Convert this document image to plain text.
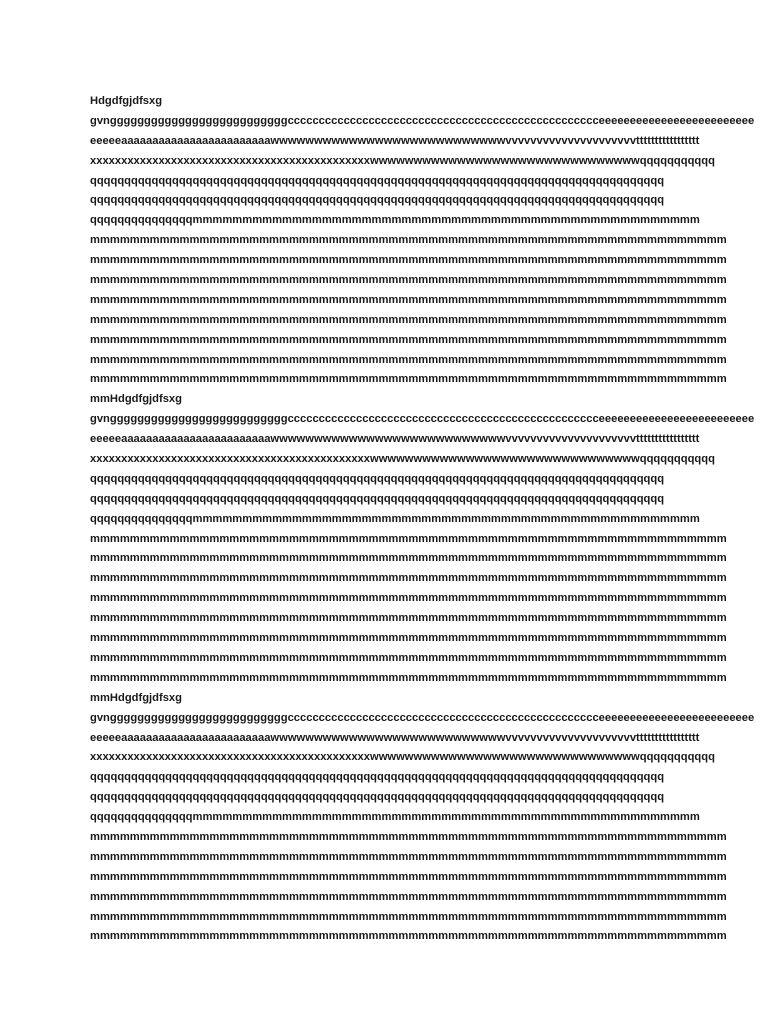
Hdgdfgjdfsxg
gvnggggggggggggggggggggggggggcccccccccccccccccccccccccccccccccccccccccccccccccceeeeeeeeeeeeeeeeeeeeeeeee
eeeeeaaaaaaaaaaaaaaaaaaaaaaaawwwwwwwwwwwwwwwwwwwwwwwwwwwvvvvvvvvvvvvvvvvvvvvvttttttttttttttttt
xxxxxxxxxxxxxxxxxxxxxxxxxxxxxxxxxxxxxxxxxxxxxwwwwwwwwwwwwwwwwwwwwwwwwwwwwwwwqqqqqqqqqqq
qqqqqqqqqqqqqqqqqqqqqqqqqqqqqqqqqqqqqqqqqqqqqqqqqqqqqqqqqqqqqqqqqqqqqqqqqqqqqqqqqqqq
qqqqqqqqqqqqqqqqqqqqqqqqqqqqqqqqqqqqqqqqqqqqqqqqqqqqqqqqqqqqqqqqqqqqqqqqqqqqqqqqqqqq
qqqqqqqqqqqqqqqmmmmmmmmmmmmmmmmmmmmmmmmmmmmmmmmmmmmmmmmmmmmmmmmmmm
mmmmmmmmmmmmmmmmmmmmmmmmmmmmmmmmmmmmmmmmmmmmmmmmmmmmmmmmmmmmmmmm
mmmmmmmmmmmmmmmmmmmmmmmmmmmmmmmmmmmmmmmmmmmmmmmmmmmmmmmmmmmmmmmm
mmmmmmmmmmmmmmmmmmmmmmmmmmmmmmmmmmmmmmmmmmmmmmmmmmmmmmmmmmmmmmmm
mmmmmmmmmmmmmmmmmmmmmmmmmmmmmmmmmmmmmmmmmmmmmmmmmmmmmmmmmmmmmmmm
mmmmmmmmmmmmmmmmmmmmmmmmmmmmmmmmmmmmmmmmmmmmmmmmmmmmmmmmmmmmmmmm
mmmmmmmmmmmmmmmmmmmmmmmmmmmmmmmmmmmmmmmmmmmmmmmmmmmmmmmmmmmmmmmm
mmmmmmmmmmmmmmmmmmmmmmmmmmmmmmmmmmmmmmmmmmmmmmmmmmmmmmmmmmmmmmmm
mmmmmmmmmmmmmmmmmmmmmmmmmmmmmmmmmmmmmmmmmmmmmmmmmmmmmmmmmmmmmmmm
mmHdgdfgjdfsxg
gvnggggggggggggggggggggggggggcccccccccccccccccccccccccccccccccccccccccccccccccceeeeeeeeeeeeeeeeeeeeeeeee
eeeeeaaaaaaaaaaaaaaaaaaaaaaaawwwwwwwwwwwwwwwwwwwwwwwwwwwvvvvvvvvvvvvvvvvvvvvvttttttttttttttttt
xxxxxxxxxxxxxxxxxxxxxxxxxxxxxxxxxxxxxxxxxxxxxwwwwwwwwwwwwwwwwwwwwwwwwwwwwwwwqqqqqqqqqqq
qqqqqqqqqqqqqqqqqqqqqqqqqqqqqqqqqqqqqqqqqqqqqqqqqqqqqqqqqqqqqqqqqqqqqqqqqqqqqqqqqqqq
qqqqqqqqqqqqqqqqqqqqqqqqqqqqqqqqqqqqqqqqqqqqqqqqqqqqqqqqqqqqqqqqqqqqqqqqqqqqqqqqqqqq
qqqqqqqqqqqqqqqmmmmmmmmmmmmmmmmmmmmmmmmmmmmmmmmmmmmmmmmmmmmmmmmmmm
mmmmmmmmmmmmmmmmmmmmmmmmmmmmmmmmmmmmmmmmmmmmmmmmmmmmmmmmmmmmmmmm
mmmmmmmmmmmmmmmmmmmmmmmmmmmmmmmmmmmmmmmmmmmmmmmmmmmmmmmmmmmmmmmm
mmmmmmmmmmmmmmmmmmmmmmmmmmmmmmmmmmmmmmmmmmmmmmmmmmmmmmmmmmmmmmmm
mmmmmmmmmmmmmmmmmmmmmmmmmmmmmmmmmmmmmmmmmmmmmmmmmmmmmmmmmmmmmmmm
mmmmmmmmmmmmmmmmmmmmmmmmmmmmmmmmmmmmmmmmmmmmmmmmmmmmmmmmmmmmmmmm
mmmmmmmmmmmmmmmmmmmmmmmmmmmmmmmmmmmmmmmmmmmmmmmmmmmmmmmmmmmmmmmm
mmmmmmmmmmmmmmmmmmmmmmmmmmmmmmmmmmmmmmmmmmmmmmmmmmmmmmmmmmmmmmmm
mmmmmmmmmmmmmmmmmmmmmmmmmmmmmmmmmmmmmmmmmmmmmmmmmmmmmmmmmmmmmmmm
mmHdgdfgjdfsxg
gvnggggggggggggggggggggggggggcccccccccccccccccccccccccccccccccccccccccccccccccceeeeeeeeeeeeeeeeeeeeeeeee
eeeeeaaaaaaaaaaaaaaaaaaaaaaaawwwwwwwwwwwwwwwwwwwwwwwwwwwvvvvvvvvvvvvvvvvvvvvvttttttttttttttttt
xxxxxxxxxxxxxxxxxxxxxxxxxxxxxxxxxxxxxxxxxxxxxwwwwwwwwwwwwwwwwwwwwwwwwwwwwwwwqqqqqqqqqqq
qqqqqqqqqqqqqqqqqqqqqqqqqqqqqqqqqqqqqqqqqqqqqqqqqqqqqqqqqqqqqqqqqqqqqqqqqqqqqqqqqqqq
qqqqqqqqqqqqqqqqqqqqqqqqqqqqqqqqqqqqqqqqqqqqqqqqqqqqqqqqqqqqqqqqqqqqqqqqqqqqqqqqqqqq
qqqqqqqqqqqqqqqmmmmmmmmmmmmmmmmmmmmmmmmmmmmmmmmmmmmmmmmmmmmmmmmmmm
mmmmmmmmmmmmmmmmmmmmmmmmmmmmmmmmmmmmmmmmmmmmmmmmmmmmmmmmmmmmmmmm
mmmmmmmmmmmmmmmmmmmmmmmmmmmmmmmmmmmmmmmmmmmmmmmmmmmmmmmmmmmmmmmm
mmmmmmmmmmmmmmmmmmmmmmmmmmmmmmmmmmmmmmmmmmmmmmmmmmmmmmmmmmmmmmmm
mmmmmmmmmmmmmmmmmmmmmmmmmmmmmmmmmmmmmmmmmmmmmmmmmmmmmmmmmmmmmmmm
mmmmmmmmmmmmmmmmmmmmmmmmmmmmmmmmmmmmmmmmmmmmmmmmmmmmmmmmmmmmmmmm
mmmmmmmmmmmmmmmmmmmmmmmmmmmmmmmmmmmmmmmmmmmmmmmmmmmmmmmmmmmmmmmm
